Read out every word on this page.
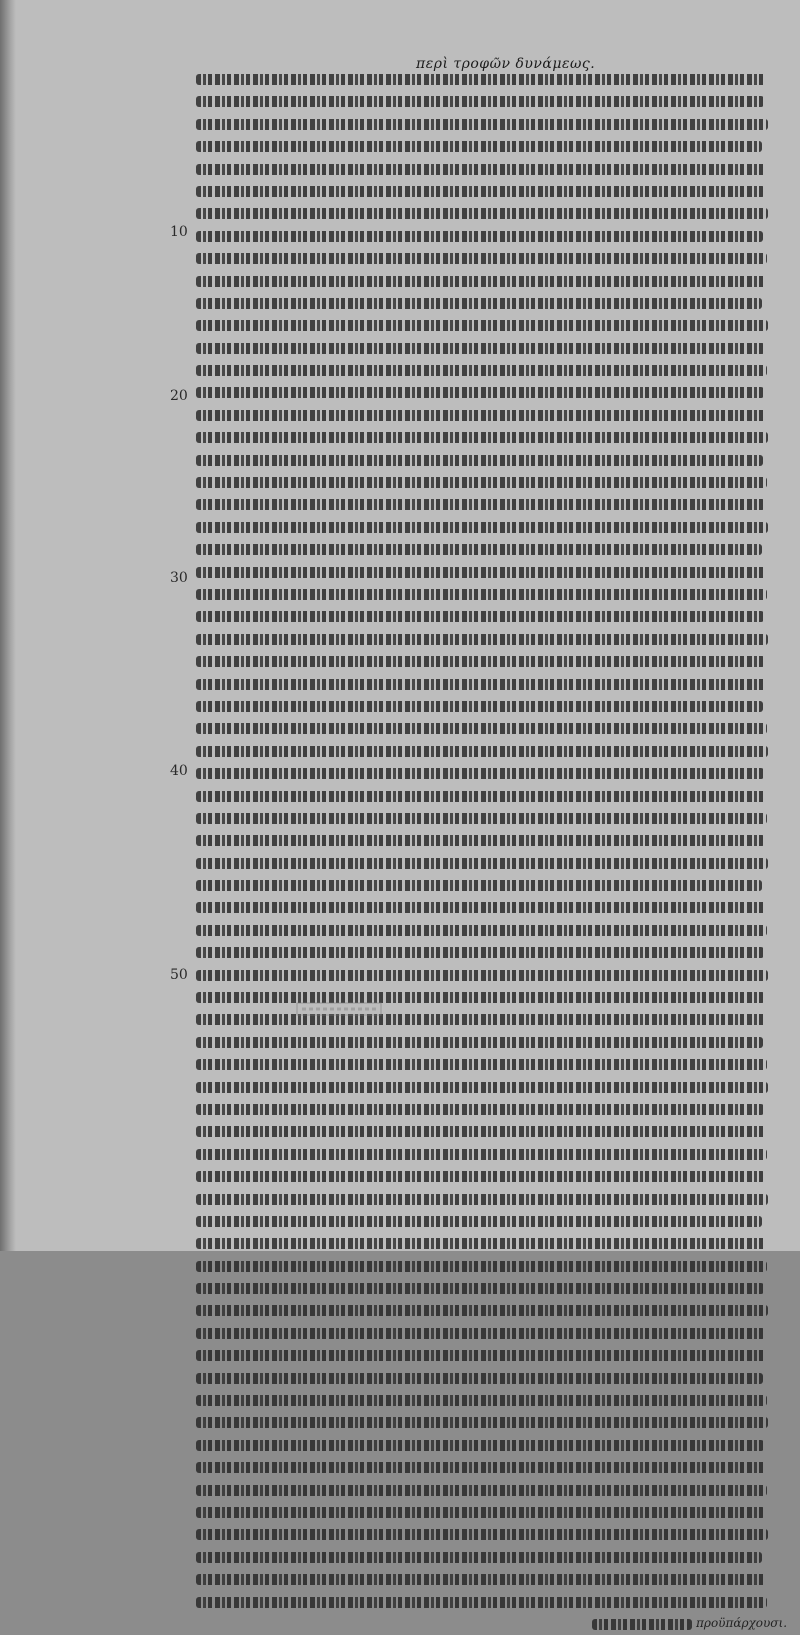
περὶ τροφῶν δυνάμεως.
10
20
30
40
50
προϋπάρχουσι.
